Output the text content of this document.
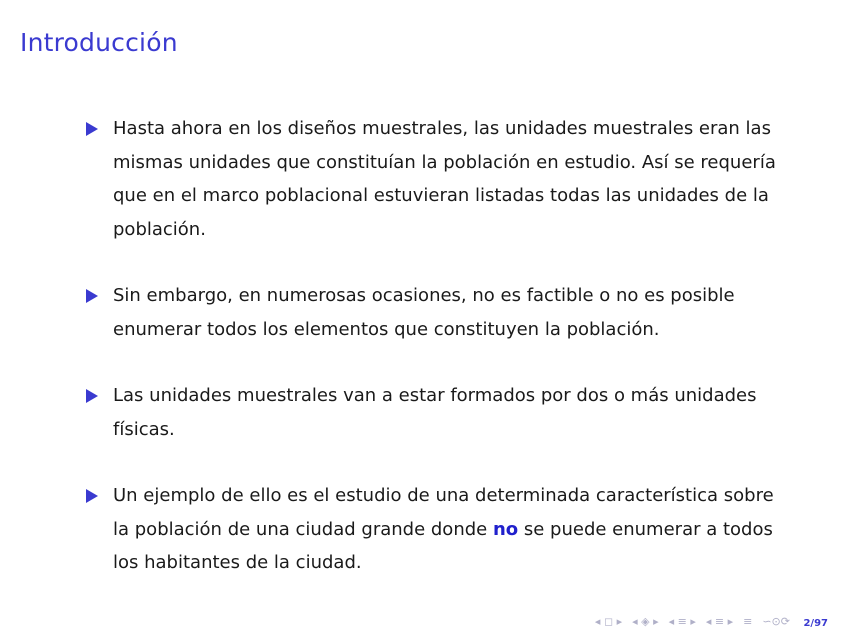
Introducción
Hasta ahora en los diseños muestrales, las unidades muestrales eran las mismas unidades que constituían la población en estudio. Así se requería que en el marco poblacional estuvieran listadas todas las unidades de la población.
Sin embargo, en numerosas ocasiones, no es factible o no es posible enumerar todos los elementos que constituyen la población.
Las unidades muestrales van a estar formados por dos o más unidades físicas.
Un ejemplo de ello es el estudio de una determinada característica sobre la población de una ciudad grande donde no se puede enumerar a todos los habitantes de la ciudad.
◂ ◻ ▸ ◂ ◈ ▸ ◂ ≡ ▸ ◂ ≡ ▸ ≡ ∽⊙⟳ 2/97
